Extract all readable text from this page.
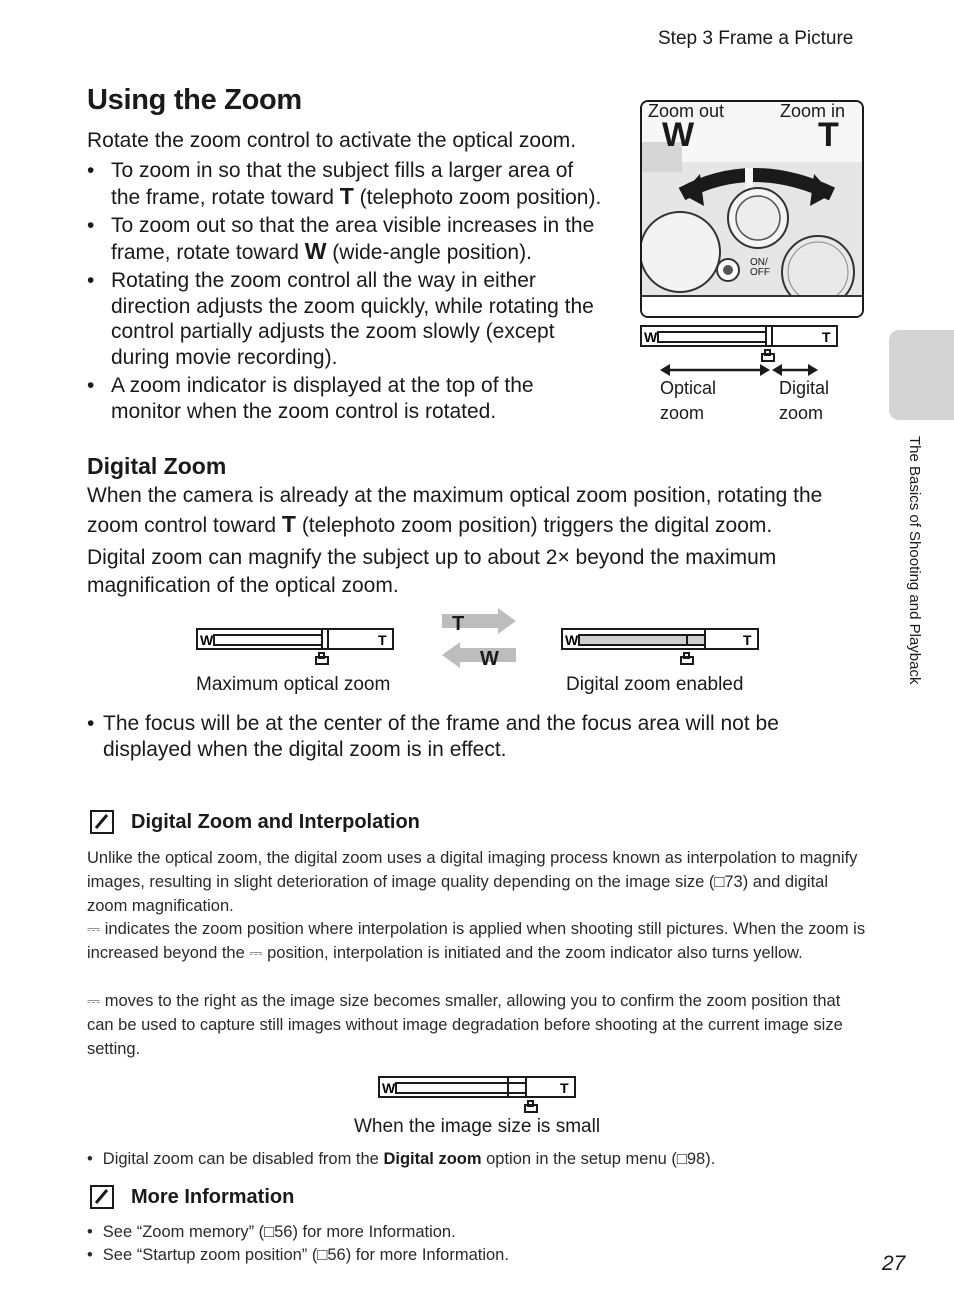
Step 3 Frame a Picture
Using the Zoom
Rotate the zoom control to activate the optical zoom.
• To zoom in so that the subject fills a larger area of the frame, rotate toward T (telephoto zoom position).
• To zoom out so that the area visible increases in the frame, rotate toward W (wide-angle position).
• Rotating the zoom control all the way in either direction adjusts the zoom quickly, while rotating the control partially adjusts the zoom slowly (except during movie recording).
• A zoom indicator is displayed at the top of the monitor when the zoom control is rotated.
Zoom out	Zoom in
W	T
ON/ OFF
W	T
Optical zoom
Digital zoom
Digital Zoom
When the camera is already at the maximum optical zoom position, rotating the zoom control toward T (telephoto zoom position) triggers the digital zoom.
Digital zoom can magnify the subject up to about 2× beyond the maximum magnification of the optical zoom.
W	T
T
W
W	T
Maximum optical zoom	Digital zoom enabled
• The focus will be at the center of the frame and the focus area will not be displayed when the digital zoom is in effect.
Digital Zoom and Interpolation
Unlike the optical zoom, the digital zoom uses a digital imaging process known as interpolation to magnify images, resulting in slight deterioration of image quality depending on the image size (□73) and digital zoom magnification.
⎓ indicates the zoom position where interpolation is applied when shooting still pictures. When the zoom is increased beyond the ⎓ position, interpolation is initiated and the zoom indicator also turns yellow.
⎓ moves to the right as the image size becomes smaller, allowing you to confirm the zoom position that can be used to capture still images without image degradation before shooting at the current image size setting.
W	T
When the image size is small
• Digital zoom can be disabled from the Digital zoom option in the setup menu (□98).
More Information
• See “Zoom memory” (□56) for more Information.
• See “Startup zoom position” (□56) for more Information.
The Basics of Shooting and Playback
27
